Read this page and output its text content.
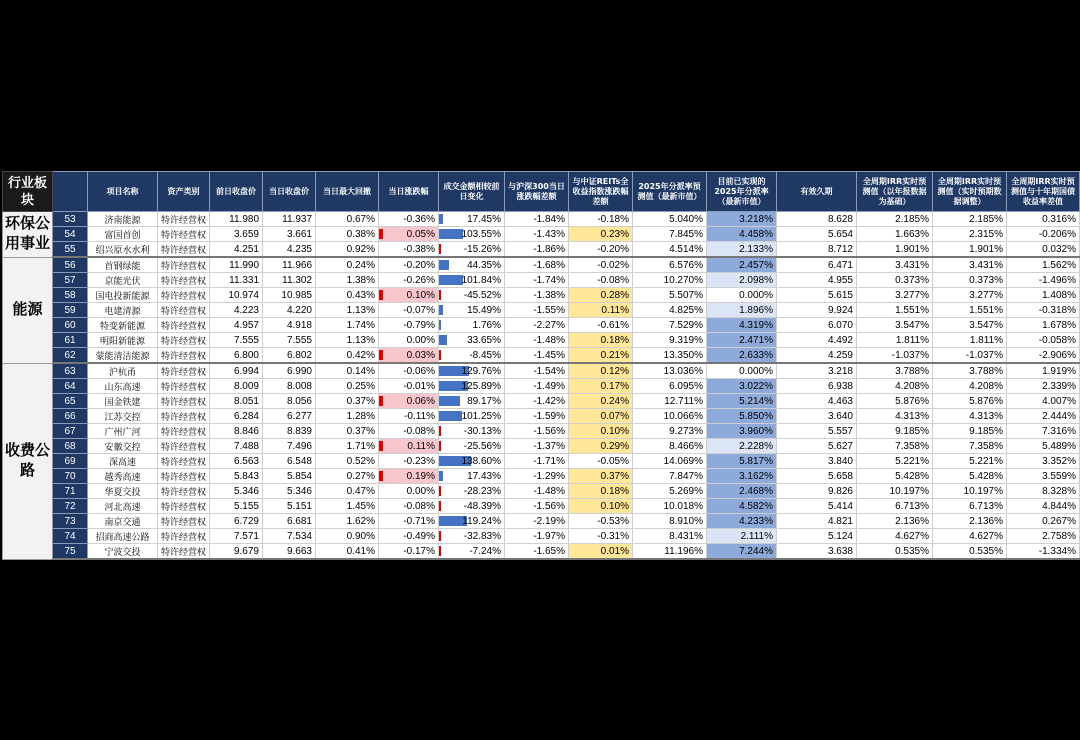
行业板块		项目名称	资产类别	前日收盘价	当日收盘价	当日最大回撤	当日涨跌幅	成交金额相较前日变化	与沪深300当日涨跌幅差额	与中证REITs全收益指数涨跌幅差额	2025年分派率预测值（最新市值）	目前已实现的2025年分派率（最新市值）	有效久期	全周期IRR实时预测值（以年报数据为基础）	全周期IRR实时预测值（实时预期数据调整）	全周期IRR实时预测值与十年期国债收益率差值
环保公用事业	53	济南能源	特许经营权	11.980	11.937	0.67%	-0.36%	17.45%	-1.84%	-0.18%	5.040%	3.218%	8.628	2.185%	2.185%	0.316%
	54	富国首创	特许经营权	3.659	3.661	0.38%	0.05%	103.55%	-1.43%	0.23%	7.845%	4.458%	5.654	1.663%	2.315%	-0.206%
	55	绍兴原水水利	特许经营权	4.251	4.235	0.92%	-0.38%	-15.26%	-1.86%	-0.20%	4.514%	2.133%	8.712	1.901%	1.901%	0.032%
能源	56	首钢绿能	特许经营权	11.990	11.966	0.24%	-0.20%	44.35%	-1.68%	-0.02%	6.576%	2.457%	6.471	3.431%	3.431%	1.562%
	57	京能光伏	特许经营权	11.331	11.302	1.38%	-0.26%	101.84%	-1.74%	-0.08%	10.270%	2.098%	4.955	0.373%	0.373%	-1.496%
	58	国电投新能源	特许经营权	10.974	10.985	0.43%	0.10%	-45.52%	-1.38%	0.28%	5.507%	0.000%	5.615	3.277%	3.277%	1.408%
	59	电建清源	特许经营权	4.223	4.220	1.13%	-0.07%	15.49%	-1.55%	0.11%	4.825%	1.896%	9.924	1.551%	1.551%	-0.318%
	60	特变新能源	特许经营权	4.957	4.918	1.74%	-0.79%	1.76%	-2.27%	-0.61%	7.529%	4.319%	6.070	3.547%	3.547%	1.678%
	61	明阳新能源	特许经营权	7.555	7.555	1.13%	0.00%	33.65%	-1.48%	0.18%	9.319%	2.471%	4.492	1.811%	1.811%	-0.058%
	62	蒙能清洁能源	特许经营权	6.800	6.802	0.42%	0.03%	-8.45%	-1.45%	0.21%	13.350%	2.633%	4.259	-1.037%	-1.037%	-2.906%
收费公路	63	沪杭甬	特许经营权	6.994	6.990	0.14%	-0.06%	129.76%	-1.54%	0.12%	13.036%	0.000%	3.218	3.788%	3.788%	1.919%
	64	山东高速	特许经营权	8.009	8.008	0.25%	-0.01%	125.89%	-1.49%	0.17%	6.095%	3.022%	6.938	4.208%	4.208%	2.339%
	65	国金铁建	特许经营权	8.051	8.056	0.37%	0.06%	89.17%	-1.42%	0.24%	12.711%	5.214%	4.463	5.876%	5.876%	4.007%
	66	江苏交控	特许经营权	6.284	6.277	1.28%	-0.11%	101.25%	-1.59%	0.07%	10.066%	5.850%	3.640	4.313%	4.313%	2.444%
	67	广州广河	特许经营权	8.846	8.839	0.37%	-0.08%	-30.13%	-1.56%	0.10%	9.273%	3.960%	5.557	9.185%	9.185%	7.316%
	68	安徽交控	特许经营权	7.488	7.496	1.71%	0.11%	-25.56%	-1.37%	0.29%	8.466%	2.228%	5.627	7.358%	7.358%	5.489%
	69	深高速	特许经营权	6.563	6.548	0.52%	-0.23%	138.60%	-1.71%	-0.05%	14.069%	5.817%	3.840	5.221%	5.221%	3.352%
	70	越秀高速	特许经营权	5.843	5.854	0.27%	0.19%	17.43%	-1.29%	0.37%	7.847%	3.162%	5.658	5.428%	5.428%	3.559%
	71	华夏交投	特许经营权	5.346	5.346	0.47%	0.00%	-28.23%	-1.48%	0.18%	5.269%	2.468%	9.826	10.197%	10.197%	8.328%
	72	河北高速	特许经营权	5.155	5.151	1.45%	-0.08%	-48.39%	-1.56%	0.10%	10.018%	4.582%	5.414	6.713%	6.713%	4.844%
	73	南京交通	特许经营权	6.729	6.681	1.62%	-0.71%	119.24%	-2.19%	-0.53%	8.910%	4.233%	4.821	2.136%	2.136%	0.267%
	74	招商高速公路	特许经营权	7.571	7.534	0.90%	-0.49%	-32.83%	-1.97%	-0.31%	8.431%	2.111%	5.124	4.627%	4.627%	2.758%
	75	宁波交投	特许经营权	9.679	9.663	0.41%	-0.17%	-7.24%	-1.65%	0.01%	11.196%	7.244%	3.638	0.535%	0.535%	-1.334%
